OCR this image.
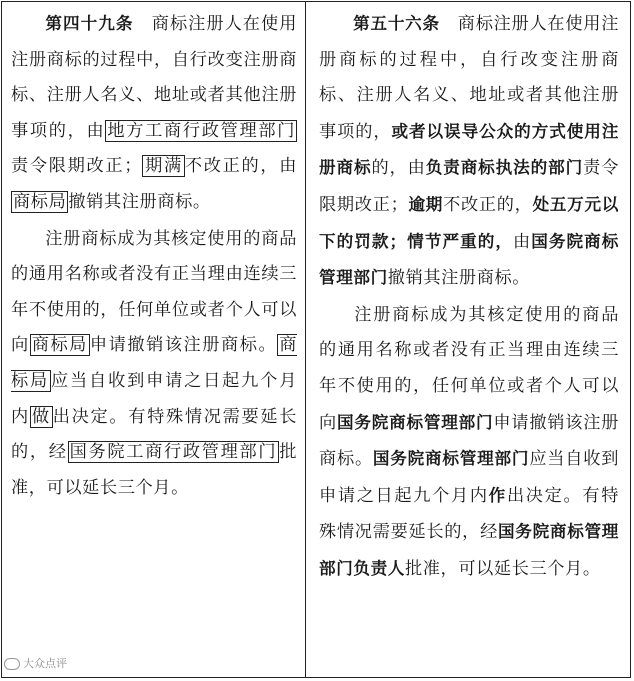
第四十九条　 商标注册人在使用注册商标的过程中，自行改变注册商标、注册人名义、地址或者其他注册事项的，由 地方工商行政管理部门责令限期改正； 期满 不改正的，由商标局 撤销其注册商标。

注册商标成为其核定使用的商品的通用名称或者没有正当理由连续三年不使用的，任何单位或者个人可以向 商标局 申请撤销该注册商标。 商标局 应当自收到申请之日起九个月内 做 出决定。有特殊情况需要延长的，经 国务院工商行政管理部门 批准，可以延长三个月。

第五十六条　 商标注册人在使用注册商标的过程中，自行改变注册商标、注册人名义、地址或者其他注册事项的，或者以误导公众的方式使用注册商标的，由负责商标执法的部门责令限期改正；逾期不改正的，处五万元以下的罚款；情节严重的，由国务院商标管理部门撤销其注册商标。

注册商标成为其核定使用的商品的通用名称或者没有正当理由连续三年不使用的，任何单位或者个人可以向国务院商标管理部门申请撤销该注册商标。国务院商标管理部门应当自收到申请之日起九个月内作出决定。有特殊情况需要延长的，经国务院商标管理部门负责人批准，可以延长三个月。

大众点评
